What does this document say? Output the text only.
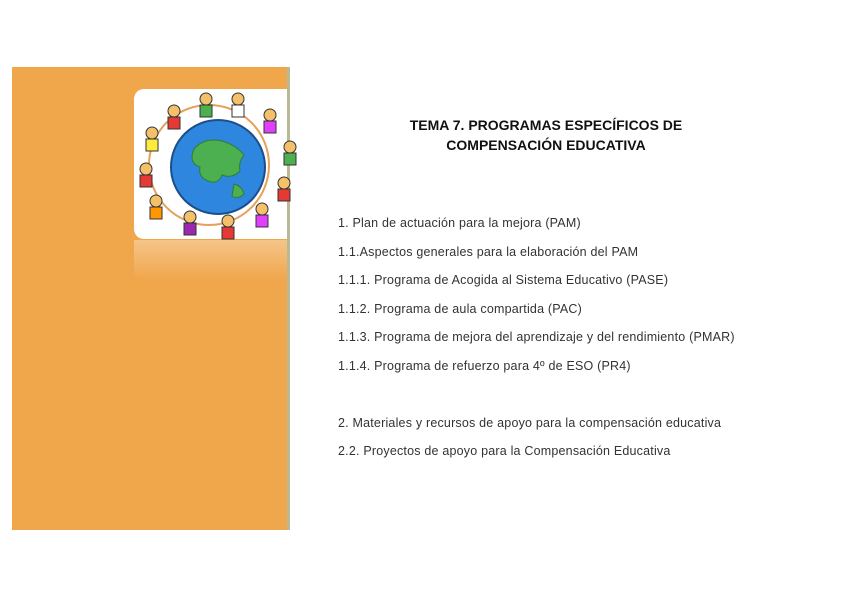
TEMA 7. PROGRAMAS ESPECÍFICOS DE
COMPENSACIÓN EDUCATIVA
1. Plan de actuación para la mejora (PAM)
1.1.Aspectos generales para la elaboración del PAM
1.1.1. Programa de Acogida al Sistema Educativo (PASE)
1.1.2. Programa de aula compartida (PAC)
1.1.3. Programa de mejora del aprendizaje y del rendimiento (PMAR)
1.1.4. Programa de refuerzo para 4º de ESO (PR4)
2. Materiales y recursos de apoyo para la compensación educativa
2.2. Proyectos de apoyo para la Compensación Educativa
